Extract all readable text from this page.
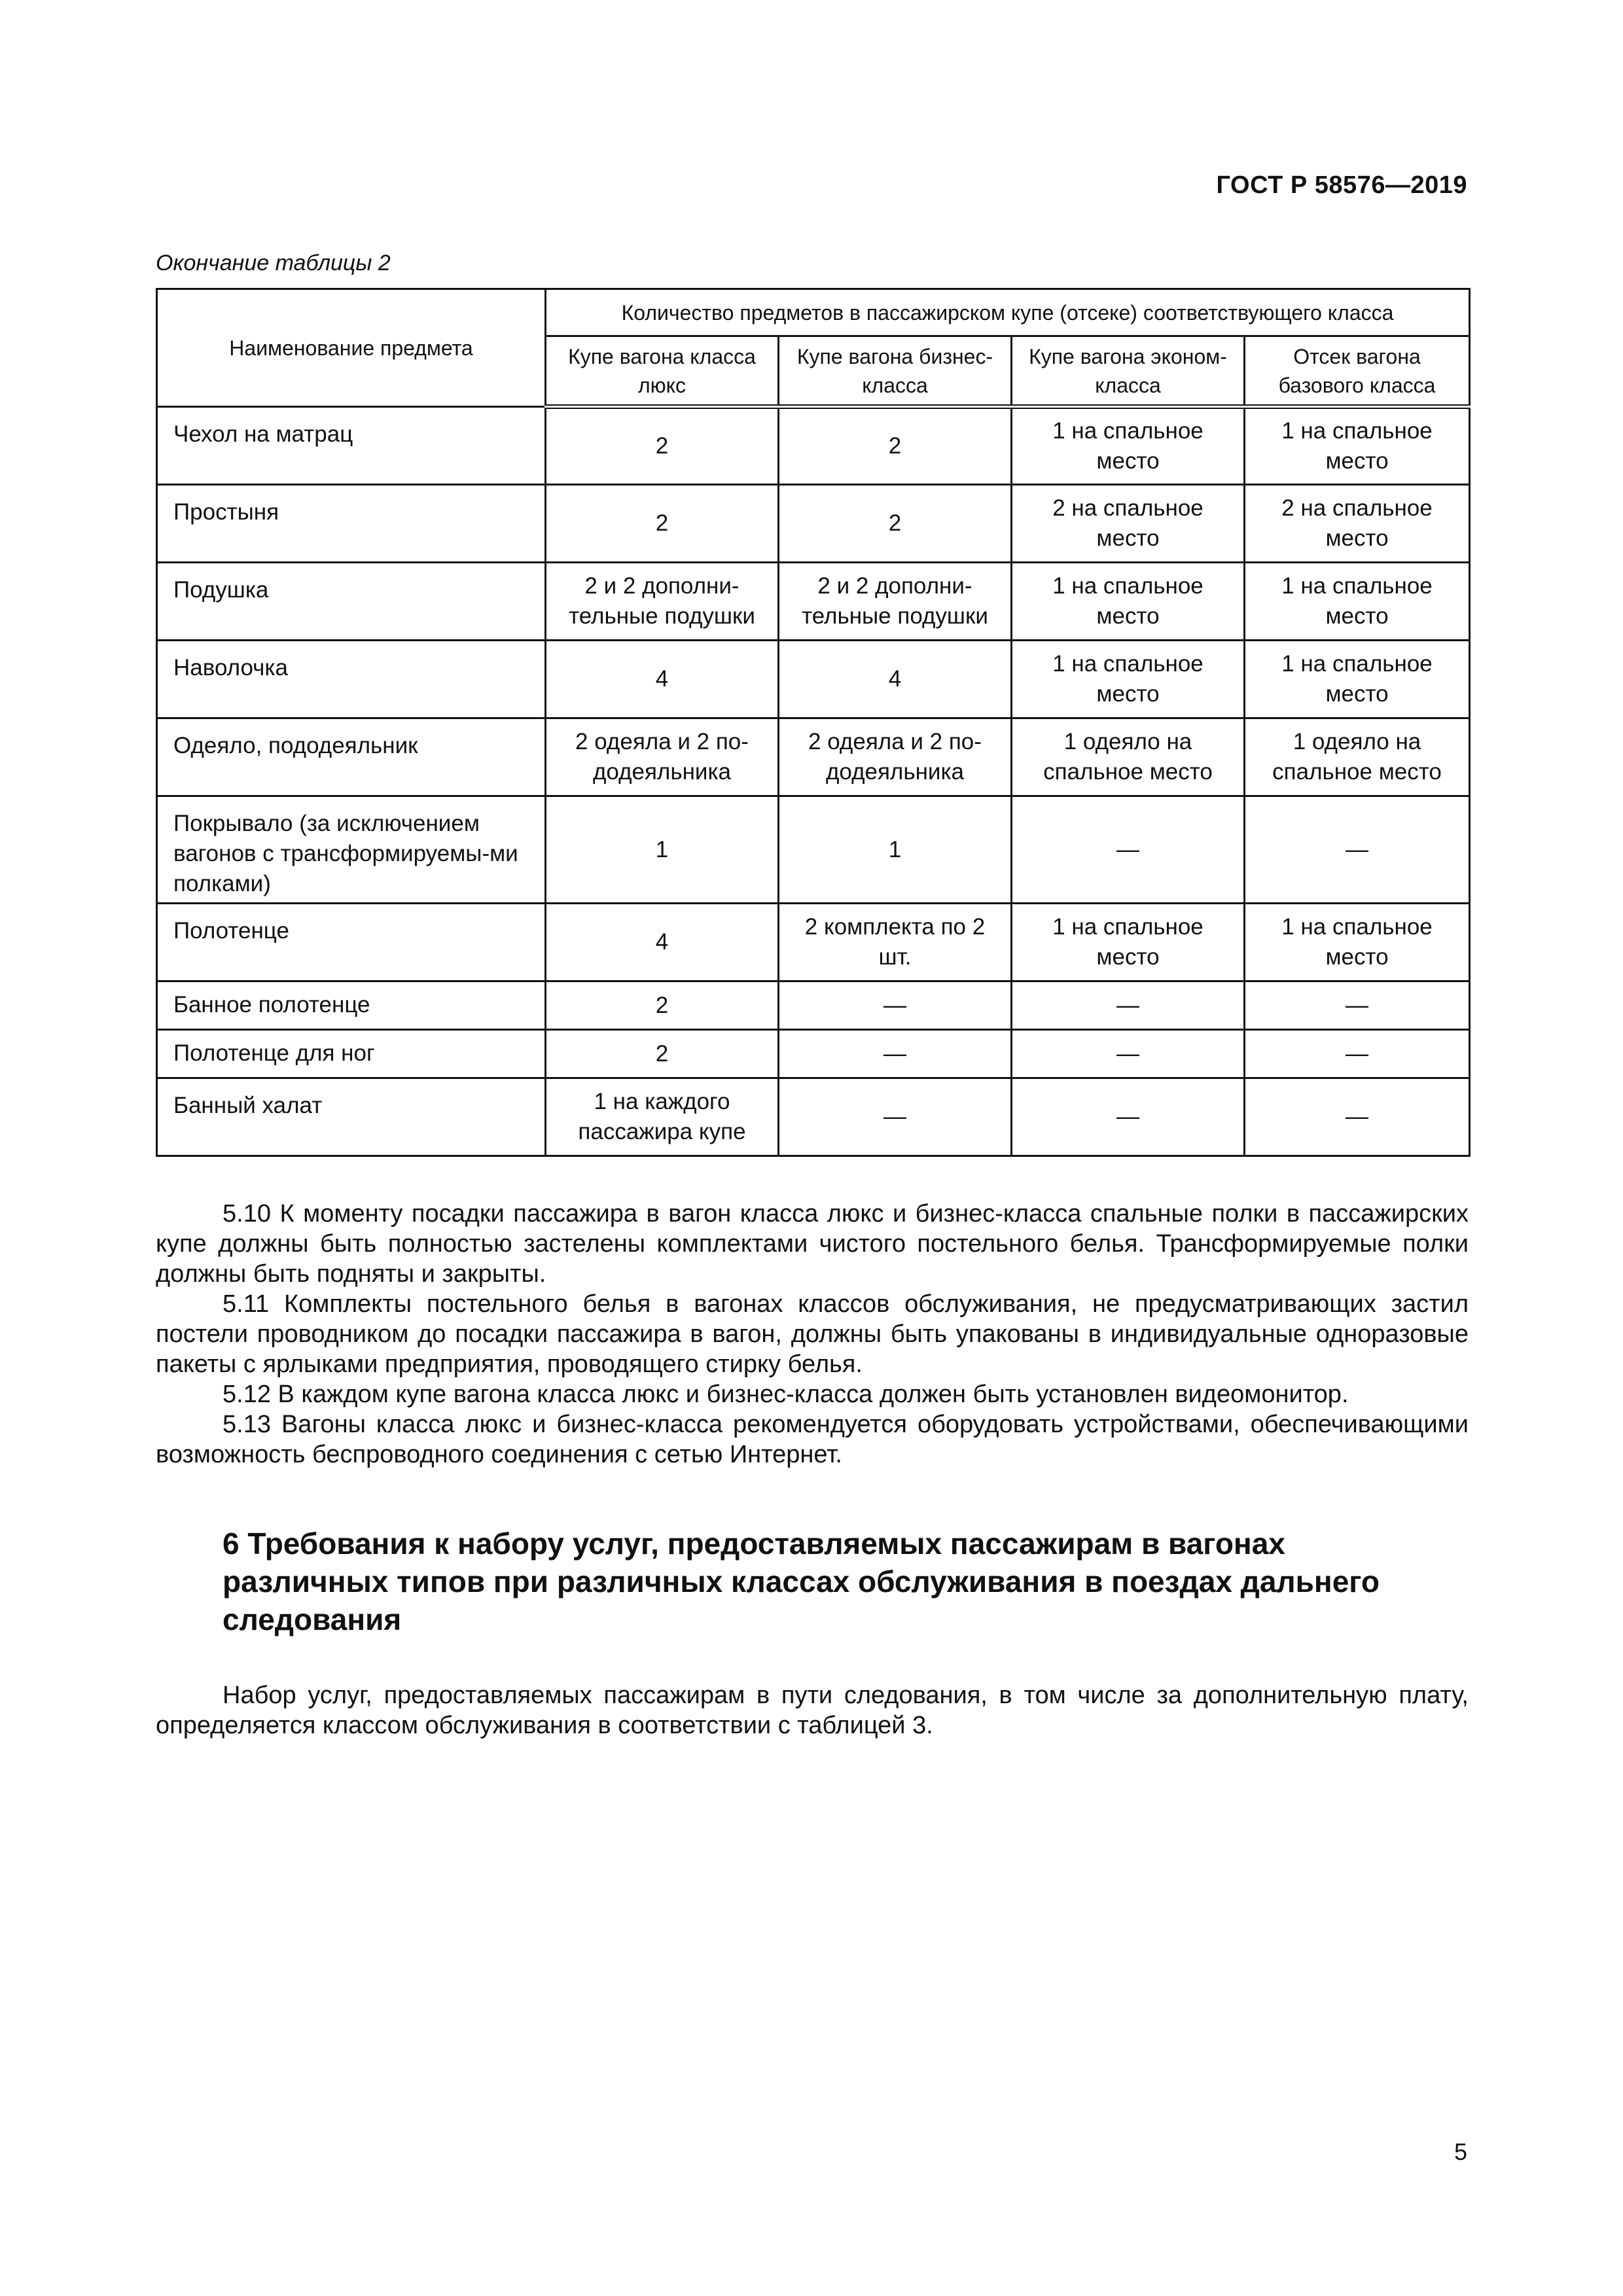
ГОСТ Р 58576—2019
Окончание таблицы 2
Наименование предмета	Количество предметов в пассажирском купе (отсеке) соответствующего класса			
	Купе вагона класса люкс	Купе вагона бизнес-класса	Купе вагона эконом-класса	Отсек вагона базового класса
Чехол на матрац	2	2	1 на спальное место	1 на спальное место
Простыня	2	2	2 на спальное место	2 на спальное место
Подушка	2 и 2 дополни-тельные подушки	2 и 2 дополни-тельные подушки	1 на спальное место	1 на спальное место
Наволочка	4	4	1 на спальное место	1 на спальное место
Одеяло, пододеяльник	2 одеяла и 2 по-додеяльника	2 одеяла и 2 по-додеяльника	1 одеяло на спальное место	1 одеяло на спальное место
Покрывало (за исключением вагонов с трансформируемы-ми полками)	1	1	—	—
Полотенце	4	2 комплекта по 2 шт.	1 на спальное место	1 на спальное место
Банное полотенце	2	—	—	—
Полотенце для ног	2	—	—	—
Банный халат	1 на каждого пассажира купе	—	—	—

5.10 К моменту посадки пассажира в вагон класса люкс и бизнес-класса спальные полки в пассажирских купе должны быть полностью застелены комплектами чистого постельного белья. Трансформируемые полки должны быть подняты и закрыты.

5.11 Комплекты постельного белья в вагонах классов обслуживания, не предусматривающих застил постели проводником до посадки пассажира в вагон, должны быть упакованы в индивидуальные одноразовые пакеты с ярлыками предприятия, проводящего стирку белья.

5.12 В каждом купе вагона класса люкс и бизнес-класса должен быть установлен видеомонитор.

5.13 Вагоны класса люкс и бизнес-класса рекомендуется оборудовать устройствами, обеспечивающими возможность беспроводного соединения с сетью Интернет.

6 Требования к набору услуг, предоставляемых пассажирам в вагонах различных типов при различных классах обслуживания в поездах дальнего следования

Набор услуг, предоставляемых пассажирам в пути следования, в том числе за дополнительную плату, определяется классом обслуживания в соответствии с таблицей 3.

5
